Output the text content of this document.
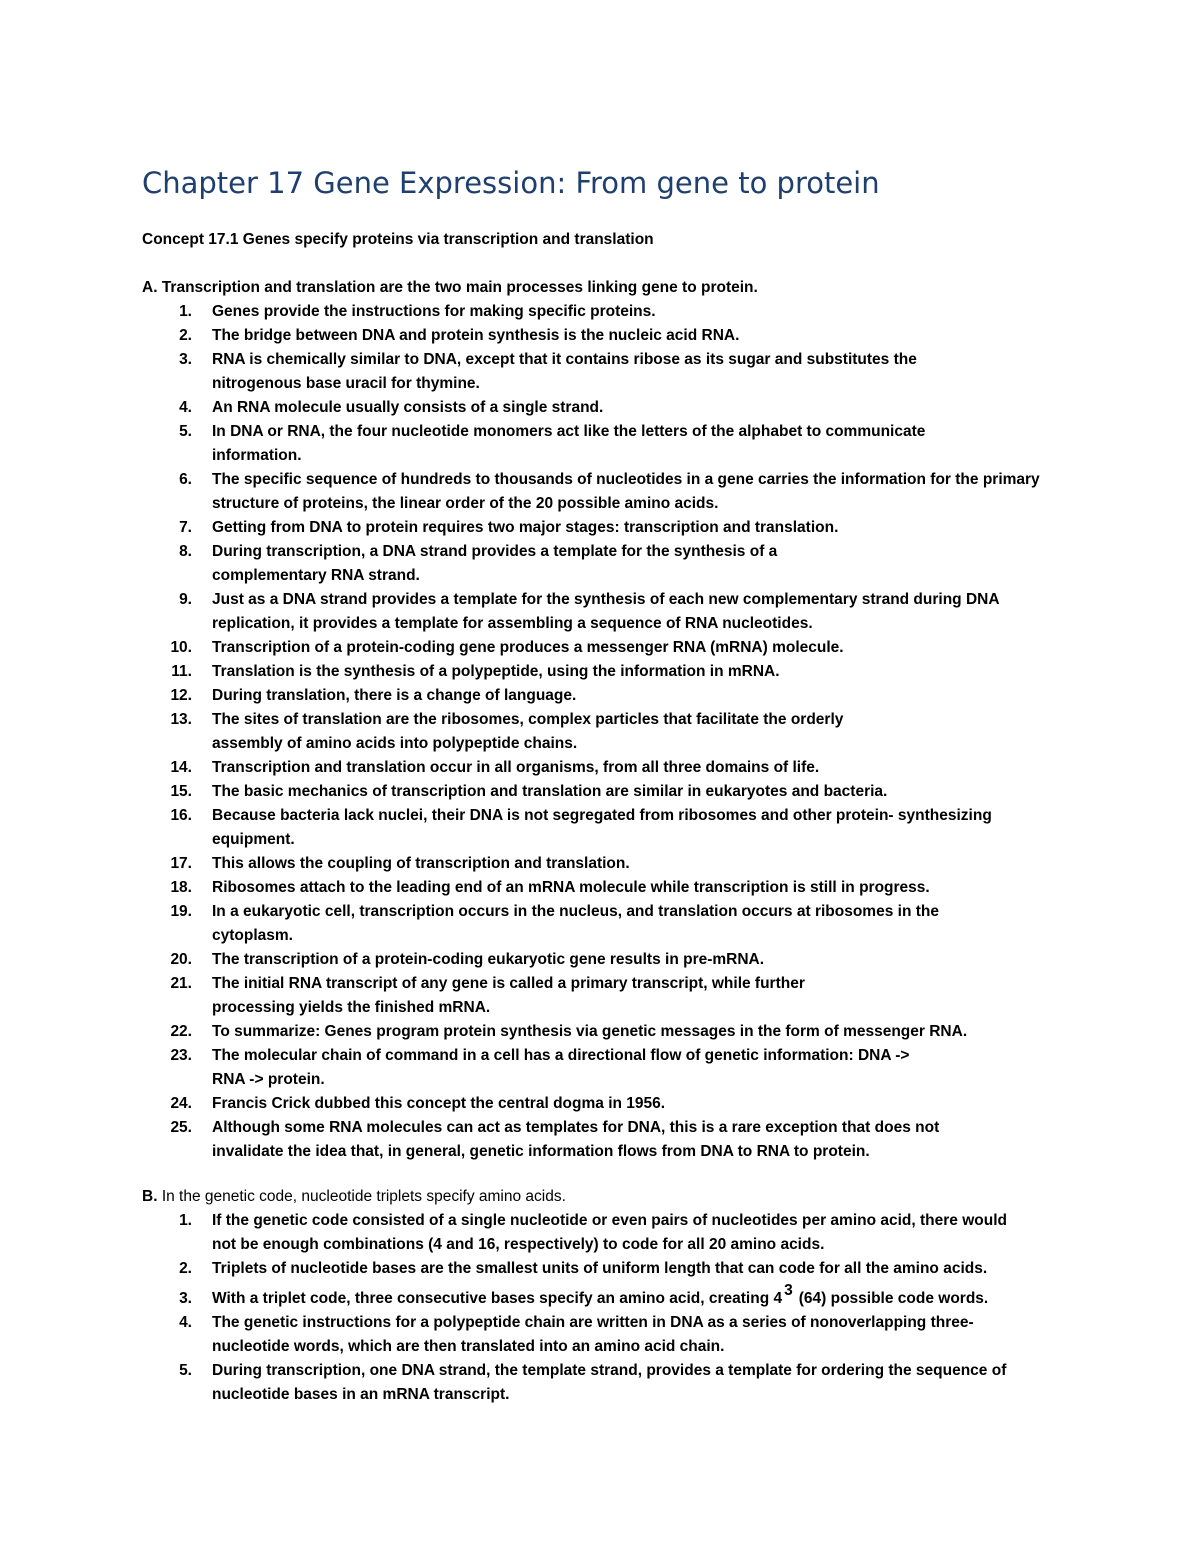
Chapter 17 Gene Expression: From gene to protein

Concept 17.1 Genes specify proteins via transcription and translation

A. Transcription and translation are the two main processes linking gene to protein.

1. Genes provide the instructions for making specific proteins.
2. The bridge between DNA and protein synthesis is the nucleic acid RNA.
3. RNA is chemically similar to DNA, except that it contains ribose as its sugar and substitutes the nitrogenous base uracil for thymine.
4. An RNA molecule usually consists of a single strand.
5. In DNA or RNA, the four nucleotide monomers act like the letters of the alphabet to communicate information.
6. The specific sequence of hundreds to thousands of nucleotides in a gene carries the information for the primary structure of proteins, the linear order of the 20 possible amino acids.
7. Getting from DNA to protein requires two major stages: transcription and translation.
8. During transcription, a DNA strand provides a template for the synthesis of a complementary RNA strand.
9. Just as a DNA strand provides a template for the synthesis of each new complementary strand during DNA replication, it provides a template for assembling a sequence of RNA nucleotides.
10. Transcription of a protein-coding gene produces a messenger RNA (mRNA) molecule.
11. Translation is the synthesis of a polypeptide, using the information in mRNA.
12. During translation, there is a change of language.
13. The sites of translation are the ribosomes, complex particles that facilitate the orderly assembly of amino acids into polypeptide chains.
14. Transcription and translation occur in all organisms, from all three domains of life.
15. The basic mechanics of transcription and translation are similar in eukaryotes and bacteria.
16. Because bacteria lack nuclei, their DNA is not segregated from ribosomes and other protein- synthesizing equipment.
17. This allows the coupling of transcription and translation.
18. Ribosomes attach to the leading end of an mRNA molecule while transcription is still in progress.
19. In a eukaryotic cell, transcription occurs in the nucleus, and translation occurs at ribosomes in the cytoplasm.
20. The transcription of a protein-coding eukaryotic gene results in pre-mRNA.
21. The initial RNA transcript of any gene is called a primary transcript, while further processing yields the finished mRNA.
22. To summarize: Genes program protein synthesis via genetic messages in the form of messenger RNA.
23. The molecular chain of command in a cell has a directional flow of genetic information: DNA -> RNA -> protein.
24. Francis Crick dubbed this concept the central dogma in 1956.
25. Although some RNA molecules can act as templates for DNA, this is a rare exception that does not invalidate the idea that, in general, genetic information flows from DNA to RNA to protein.

B. In the genetic code, nucleotide triplets specify amino acids.

1. If the genetic code consisted of a single nucleotide or even pairs of nucleotides per amino acid, there would not be enough combinations (4 and 16, respectively) to code for all 20 amino acids.
2. Triplets of nucleotide bases are the smallest units of uniform length that can code for all the amino acids.
3. With a triplet code, three consecutive bases specify an amino acid, creating 4 3 (64) possible code words.
4. The genetic instructions for a polypeptide chain are written in DNA as a series of nonoverlapping three-nucleotide words, which are then translated into an amino acid chain.
5. During transcription, one DNA strand, the template strand, provides a template for ordering the sequence of nucleotide bases in an mRNA transcript.
